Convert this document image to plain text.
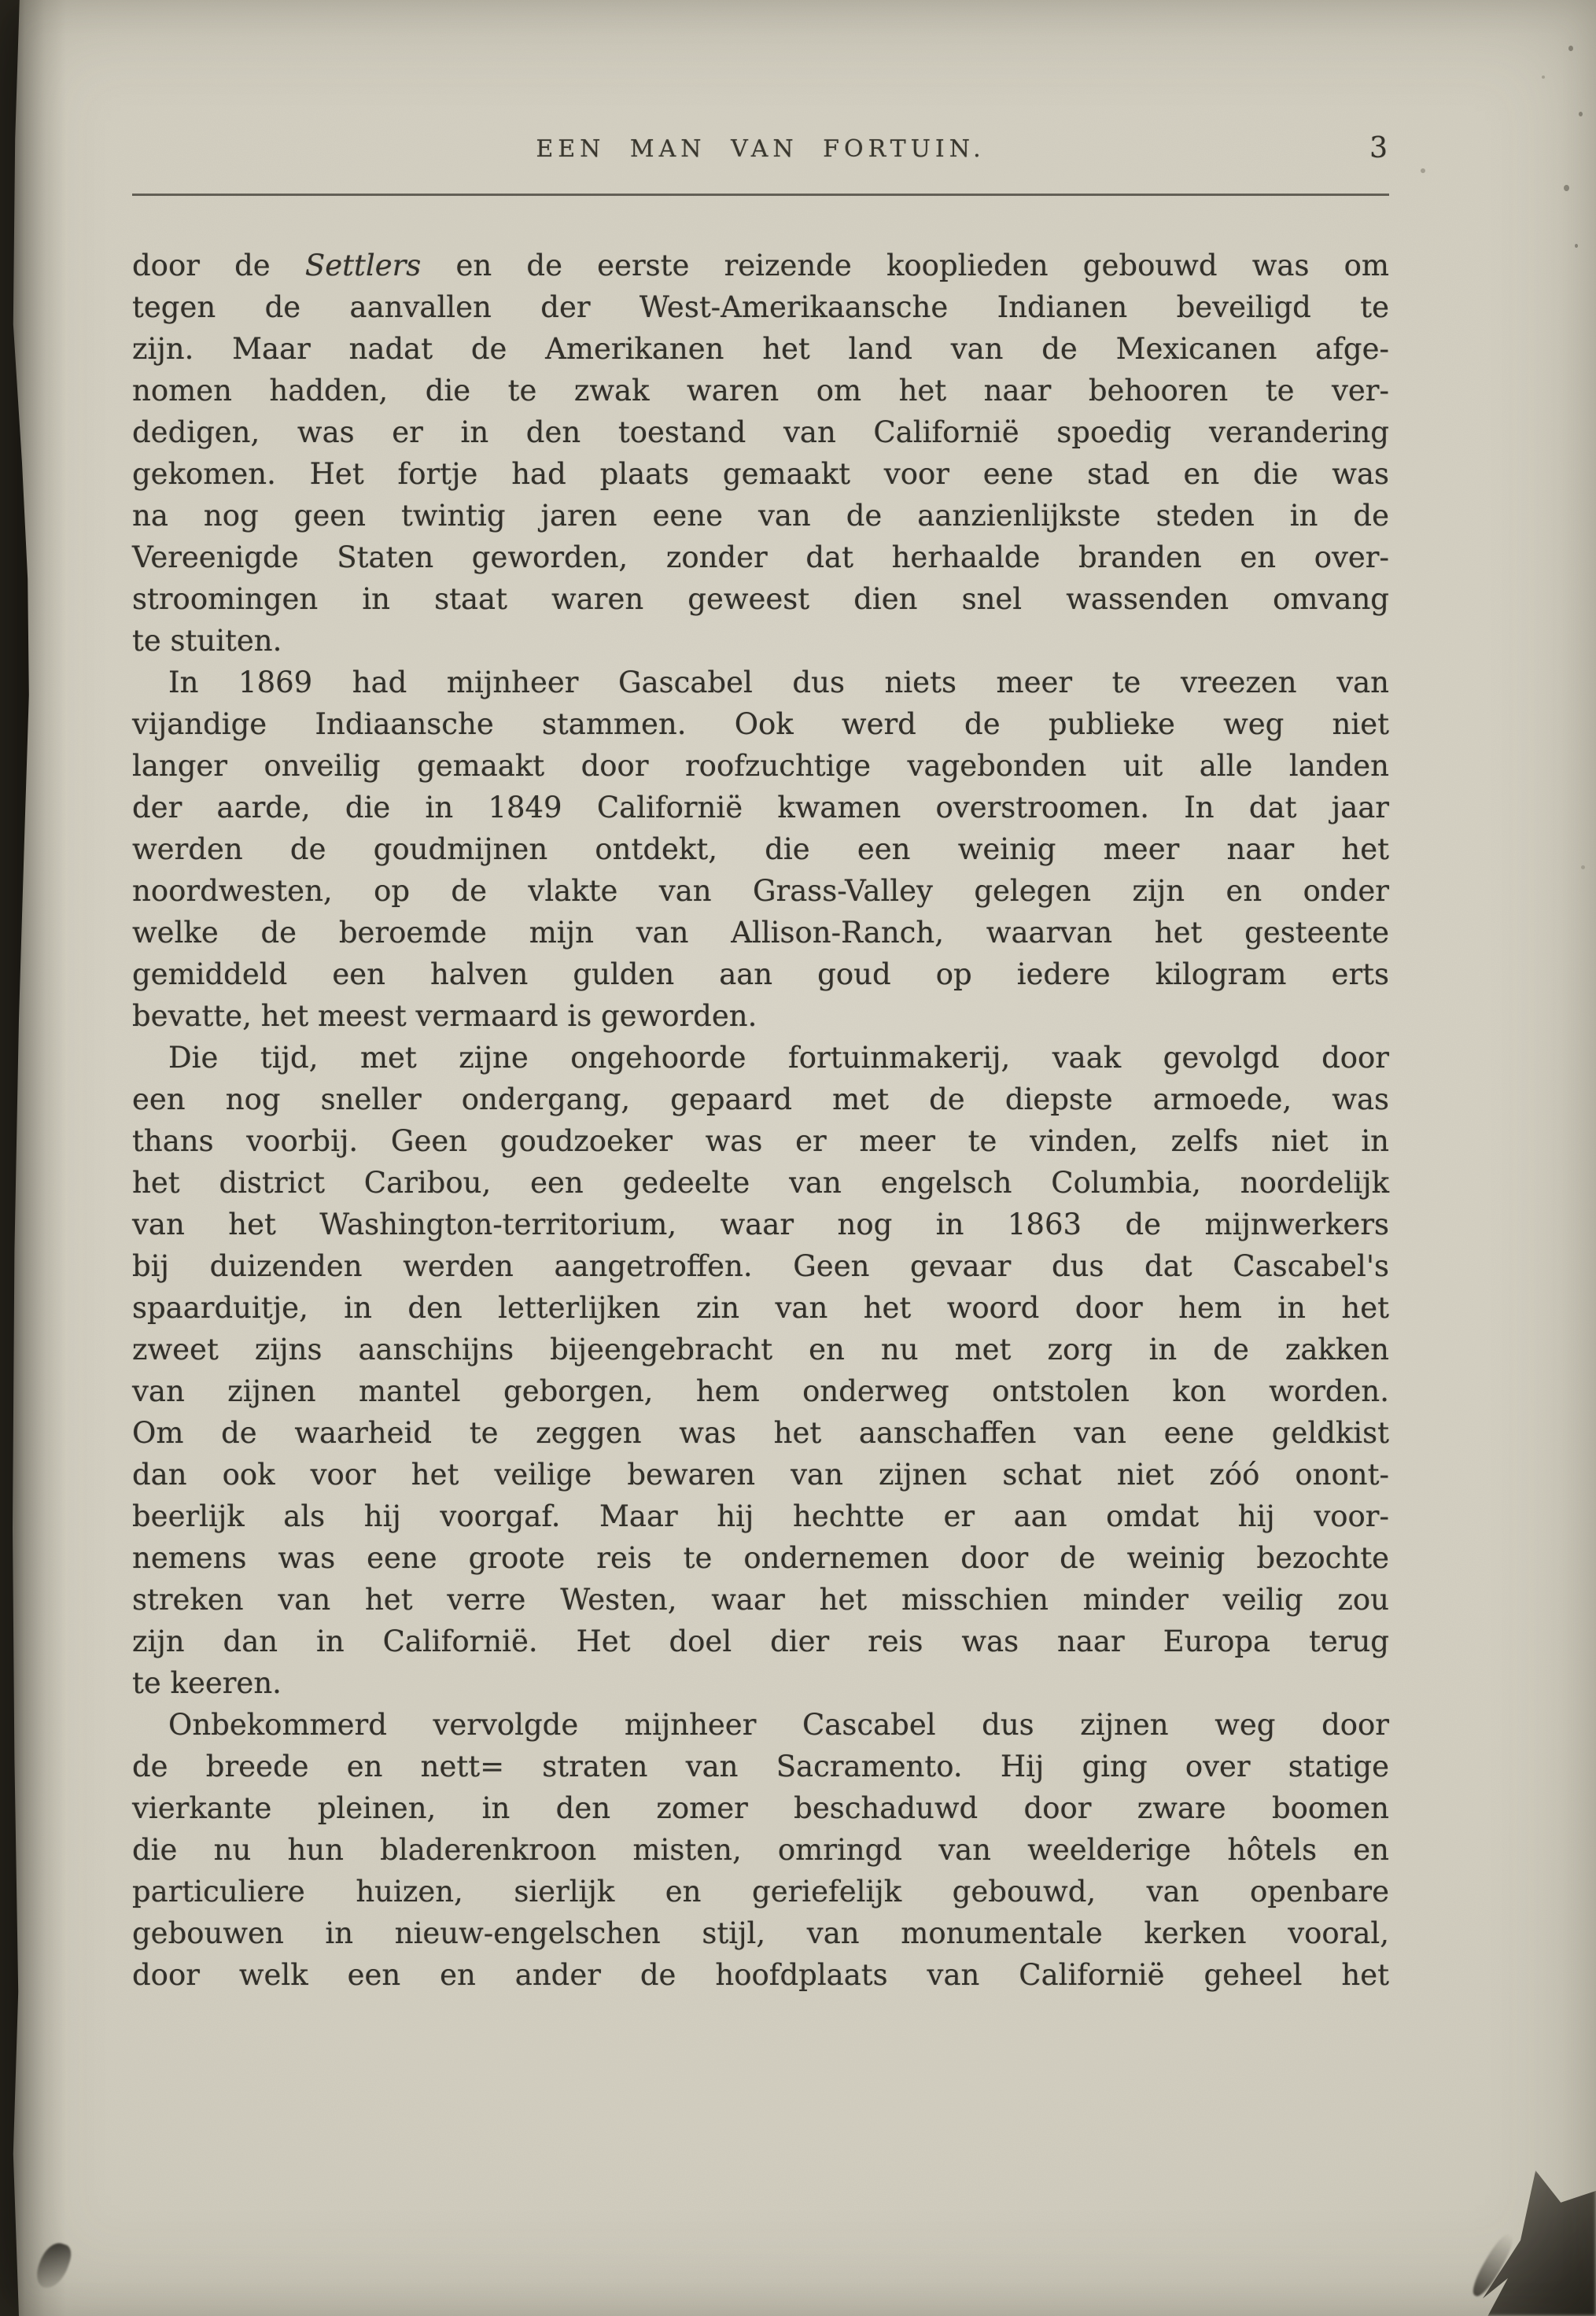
EEN MAN VAN FORTUIN.	3
door de Settlers en de eerste reizende kooplieden gebouwd was om
tegen de aanvallen der West-Amerikaansche Indianen beveiligd te
zijn. Maar nadat de Amerikanen het land van de Mexicanen afge-
nomen hadden, die te zwak waren om het naar behooren te ver-
dedigen, was er in den toestand van Californië spoedig verandering
gekomen. Het fortje had plaats gemaakt voor eene stad en die was
na nog geen twintig jaren eene van de aanzienlijkste steden in de
Vereenigde Staten geworden, zonder dat herhaalde branden en over-
stroomingen in staat waren geweest dien snel wassenden omvang
te stuiten.
In 1869 had mijnheer Gascabel dus niets meer te vreezen van
vijandige Indiaansche stammen. Ook werd de publieke weg niet
langer onveilig gemaakt door roofzuchtige vagebonden uit alle landen
der aarde, die in 1849 Californië kwamen overstroomen. In dat jaar
werden de goudmijnen ontdekt, die een weinig meer naar het
noordwesten, op de vlakte van Grass-Valley gelegen zijn en onder
welke de beroemde mijn van Allison-Ranch, waarvan het gesteente
gemiddeld een halven gulden aan goud op iedere kilogram erts
bevatte, het meest vermaard is geworden.
Die tijd, met zijne ongehoorde fortuinmakerij, vaak gevolgd door
een nog sneller ondergang, gepaard met de diepste armoede, was
thans voorbij. Geen goudzoeker was er meer te vinden, zelfs niet in
het district Caribou, een gedeelte van engelsch Columbia, noordelijk
van het Washington-territorium, waar nog in 1863 de mijnwerkers
bij duizenden werden aangetroffen. Geen gevaar dus dat Cascabel's
spaarduitje, in den letterlijken zin van het woord door hem in het
zweet zijns aanschijns bijeengebracht en nu met zorg in de zakken
van zijnen mantel geborgen, hem onderweg ontstolen kon worden.
Om de waarheid te zeggen was het aanschaffen van eene geldkist
dan ook voor het veilige bewaren van zijnen schat niet zóó onont-
beerlijk als hij voorgaf. Maar hij hechtte er aan omdat hij voor-
nemens was eene groote reis te ondernemen door de weinig bezochte
streken van het verre Westen, waar het misschien minder veilig zou
zijn dan in Californië. Het doel dier reis was naar Europa terug
te keeren.
Onbekommerd vervolgde mijnheer Cascabel dus zijnen weg door
de breede en nett= straten van Sacramento. Hij ging over statige
vierkante pleinen, in den zomer beschaduwd door zware boomen
die nu hun bladerenkroon misten, omringd van weelderige hôtels en
particuliere huizen, sierlijk en geriefelijk gebouwd, van openbare
gebouwen in nieuw-engelschen stijl, van monumentale kerken vooral,
door welk een en ander de hoofdplaats van Californië geheel het
